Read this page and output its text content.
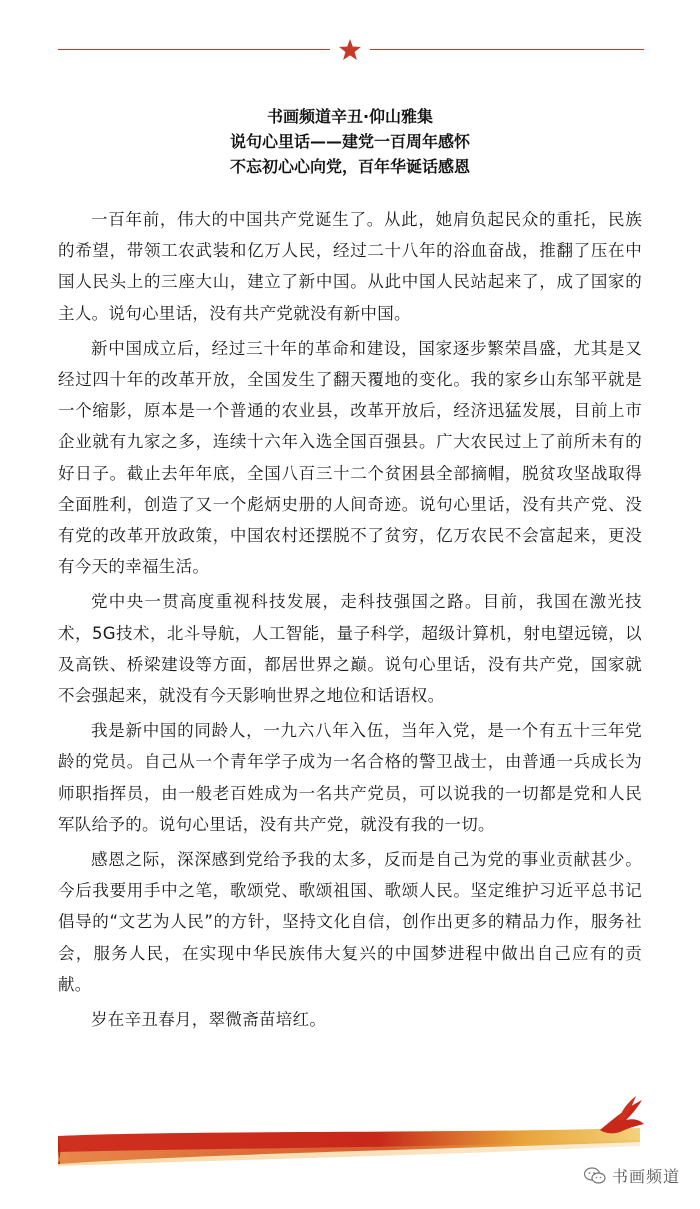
书画频道辛丑·仰山雅集
说句心里话——建党一百周年感怀
不忘初心心向党，百年华诞话感恩

一百年前，伟大的中国共产党诞生了。从此，她肩负起民众的重托，民族的希望，带领工农武装和亿万人民，经过二十八年的浴血奋战，推翻了压在中国人民头上的三座大山，建立了新中国。从此中国人民站起来了，成了国家的主人。说句心里话，没有共产党就没有新中国。

新中国成立后，经过三十年的革命和建设，国家逐步繁荣昌盛，尤其是又经过四十年的改革开放，全国发生了翻天覆地的变化。我的家乡山东邹平就是一个缩影，原本是一个普通的农业县，改革开放后，经济迅猛发展，目前上市企业就有九家之多，连续十六年入选全国百强县。广大农民过上了前所未有的好日子。截止去年年底，全国八百三十二个贫困县全部摘帽，脱贫攻坚战取得全面胜利，创造了又一个彪炳史册的人间奇迹。说句心里话，没有共产党、没有党的改革开放政策，中国农村还摆脱不了贫穷，亿万农民不会富起来，更没有今天的幸福生活。

党中央一贯高度重视科技发展，走科技强国之路。目前，我国在激光技术，5G技术，北斗导航，人工智能，量子科学，超级计算机，射电望远镜，以及高铁、桥梁建设等方面，都居世界之巅。说句心里话，没有共产党，国家就不会强起来，就没有今天影响世界之地位和话语权。

我是新中国的同龄人，一九六八年入伍，当年入党，是一个有五十三年党龄的党员。自己从一个青年学子成为一名合格的警卫战士，由普通一兵成长为师职指挥员，由一般老百姓成为一名共产党员，可以说我的一切都是党和人民军队给予的。说句心里话，没有共产党，就没有我的一切。

感恩之际，深深感到党给予我的太多，反而是自己为党的事业贡献甚少。今后我要用手中之笔，歌颂党、歌颂祖国、歌颂人民。坚定维护习近平总书记倡导的“文艺为人民”的方针，坚持文化自信，创作出更多的精品力作，服务社会，服务人民，在实现中华民族伟大复兴的中国梦进程中做出自己应有的贡献。

岁在辛丑春月，翠微斋苗培红。

书画频道
